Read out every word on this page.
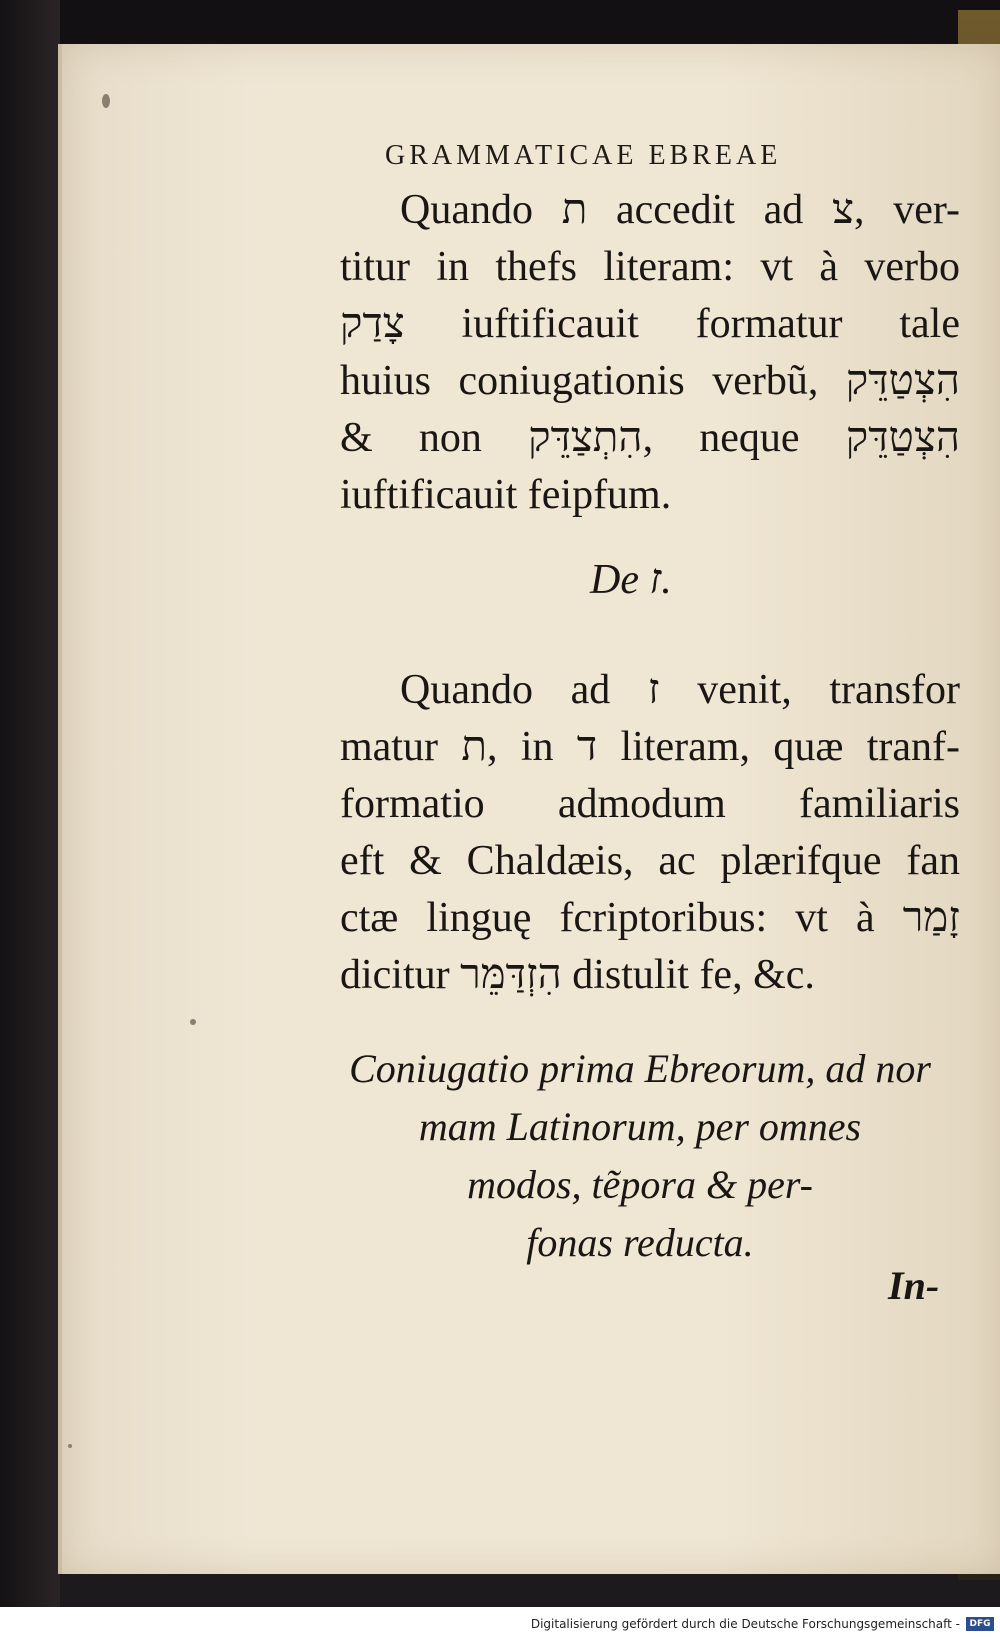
GRAMMATICAE EBREAE
Quando ת accedit ad צ, ver-
titur in thefs literam: vt à verbo
צָדַק iuftificauit formatur tale
huius coniugationis verbũ, הִצְטַדֵּק
& non הִתְצַדֵּק, neque הִצְטַדֵּק
iuftificauit feipfum.
De ז.
Quando ad ז venit, transfor
matur ת, in ד literam, quæ tranf-
formatio admodum familiaris
eft & Chaldæis, ac plærifque fan
ctæ linguę fcriptoribus: vt à זָמַר
dicitur הִזְדַּמֵּר distulit fe, &c.
Coniugatio prima Ebreorum, ad nor
mam Latinorum, per omnes
modos, tẽpora & per-
fonas reducta.
In-
Digitalisierung gefördert durch die Deutsche Forschungsgemeinschaft -	DFG
